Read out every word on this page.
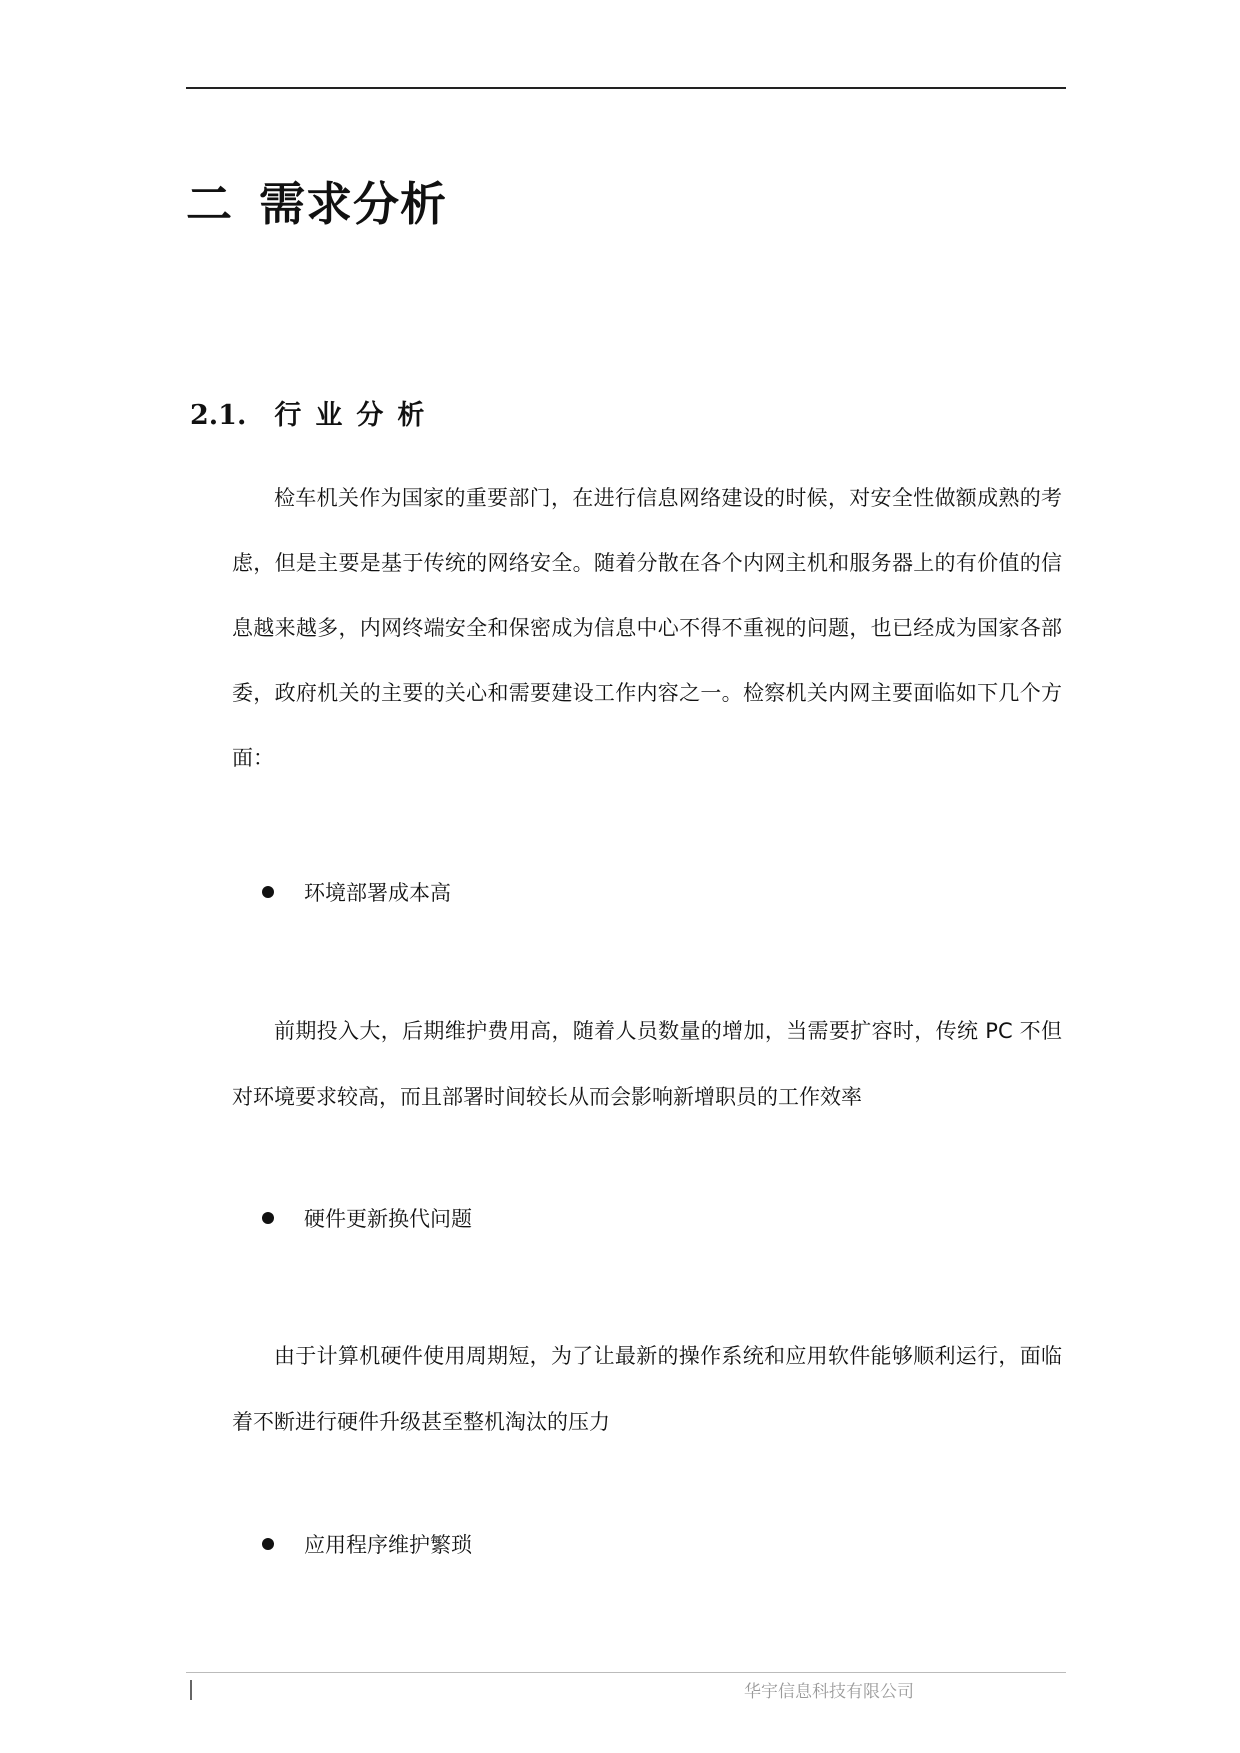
二 需求分析
2.1. 行业分析

检车机关作为国家的重要部门，在进行信息网络建设的时候，对安全性做额成熟的考虑，但是主要是基于传统的网络安全。随着分散在各个内网主机和服务器上的有价值的信息越来越多，内网终端安全和保密成为信息中心不得不重视的问题，也已经成为国家各部委，政府机关的主要的关心和需要建设工作内容之一。检察机关内网主要面临如下几个方面：

环境部署成本高

前期投入大，后期维护费用高，随着人员数量的增加，当需要扩容时，传统 PC 不但对环境要求较高，而且部署时间较长从而会影响新增职员的工作效率

硬件更新换代问题

由于计算机硬件使用周期短，为了让最新的操作系统和应用软件能够顺利运行，面临着不断进行硬件升级甚至整机淘汰的压力

应用程序维护繁琐
华宇信息科技有限公司
